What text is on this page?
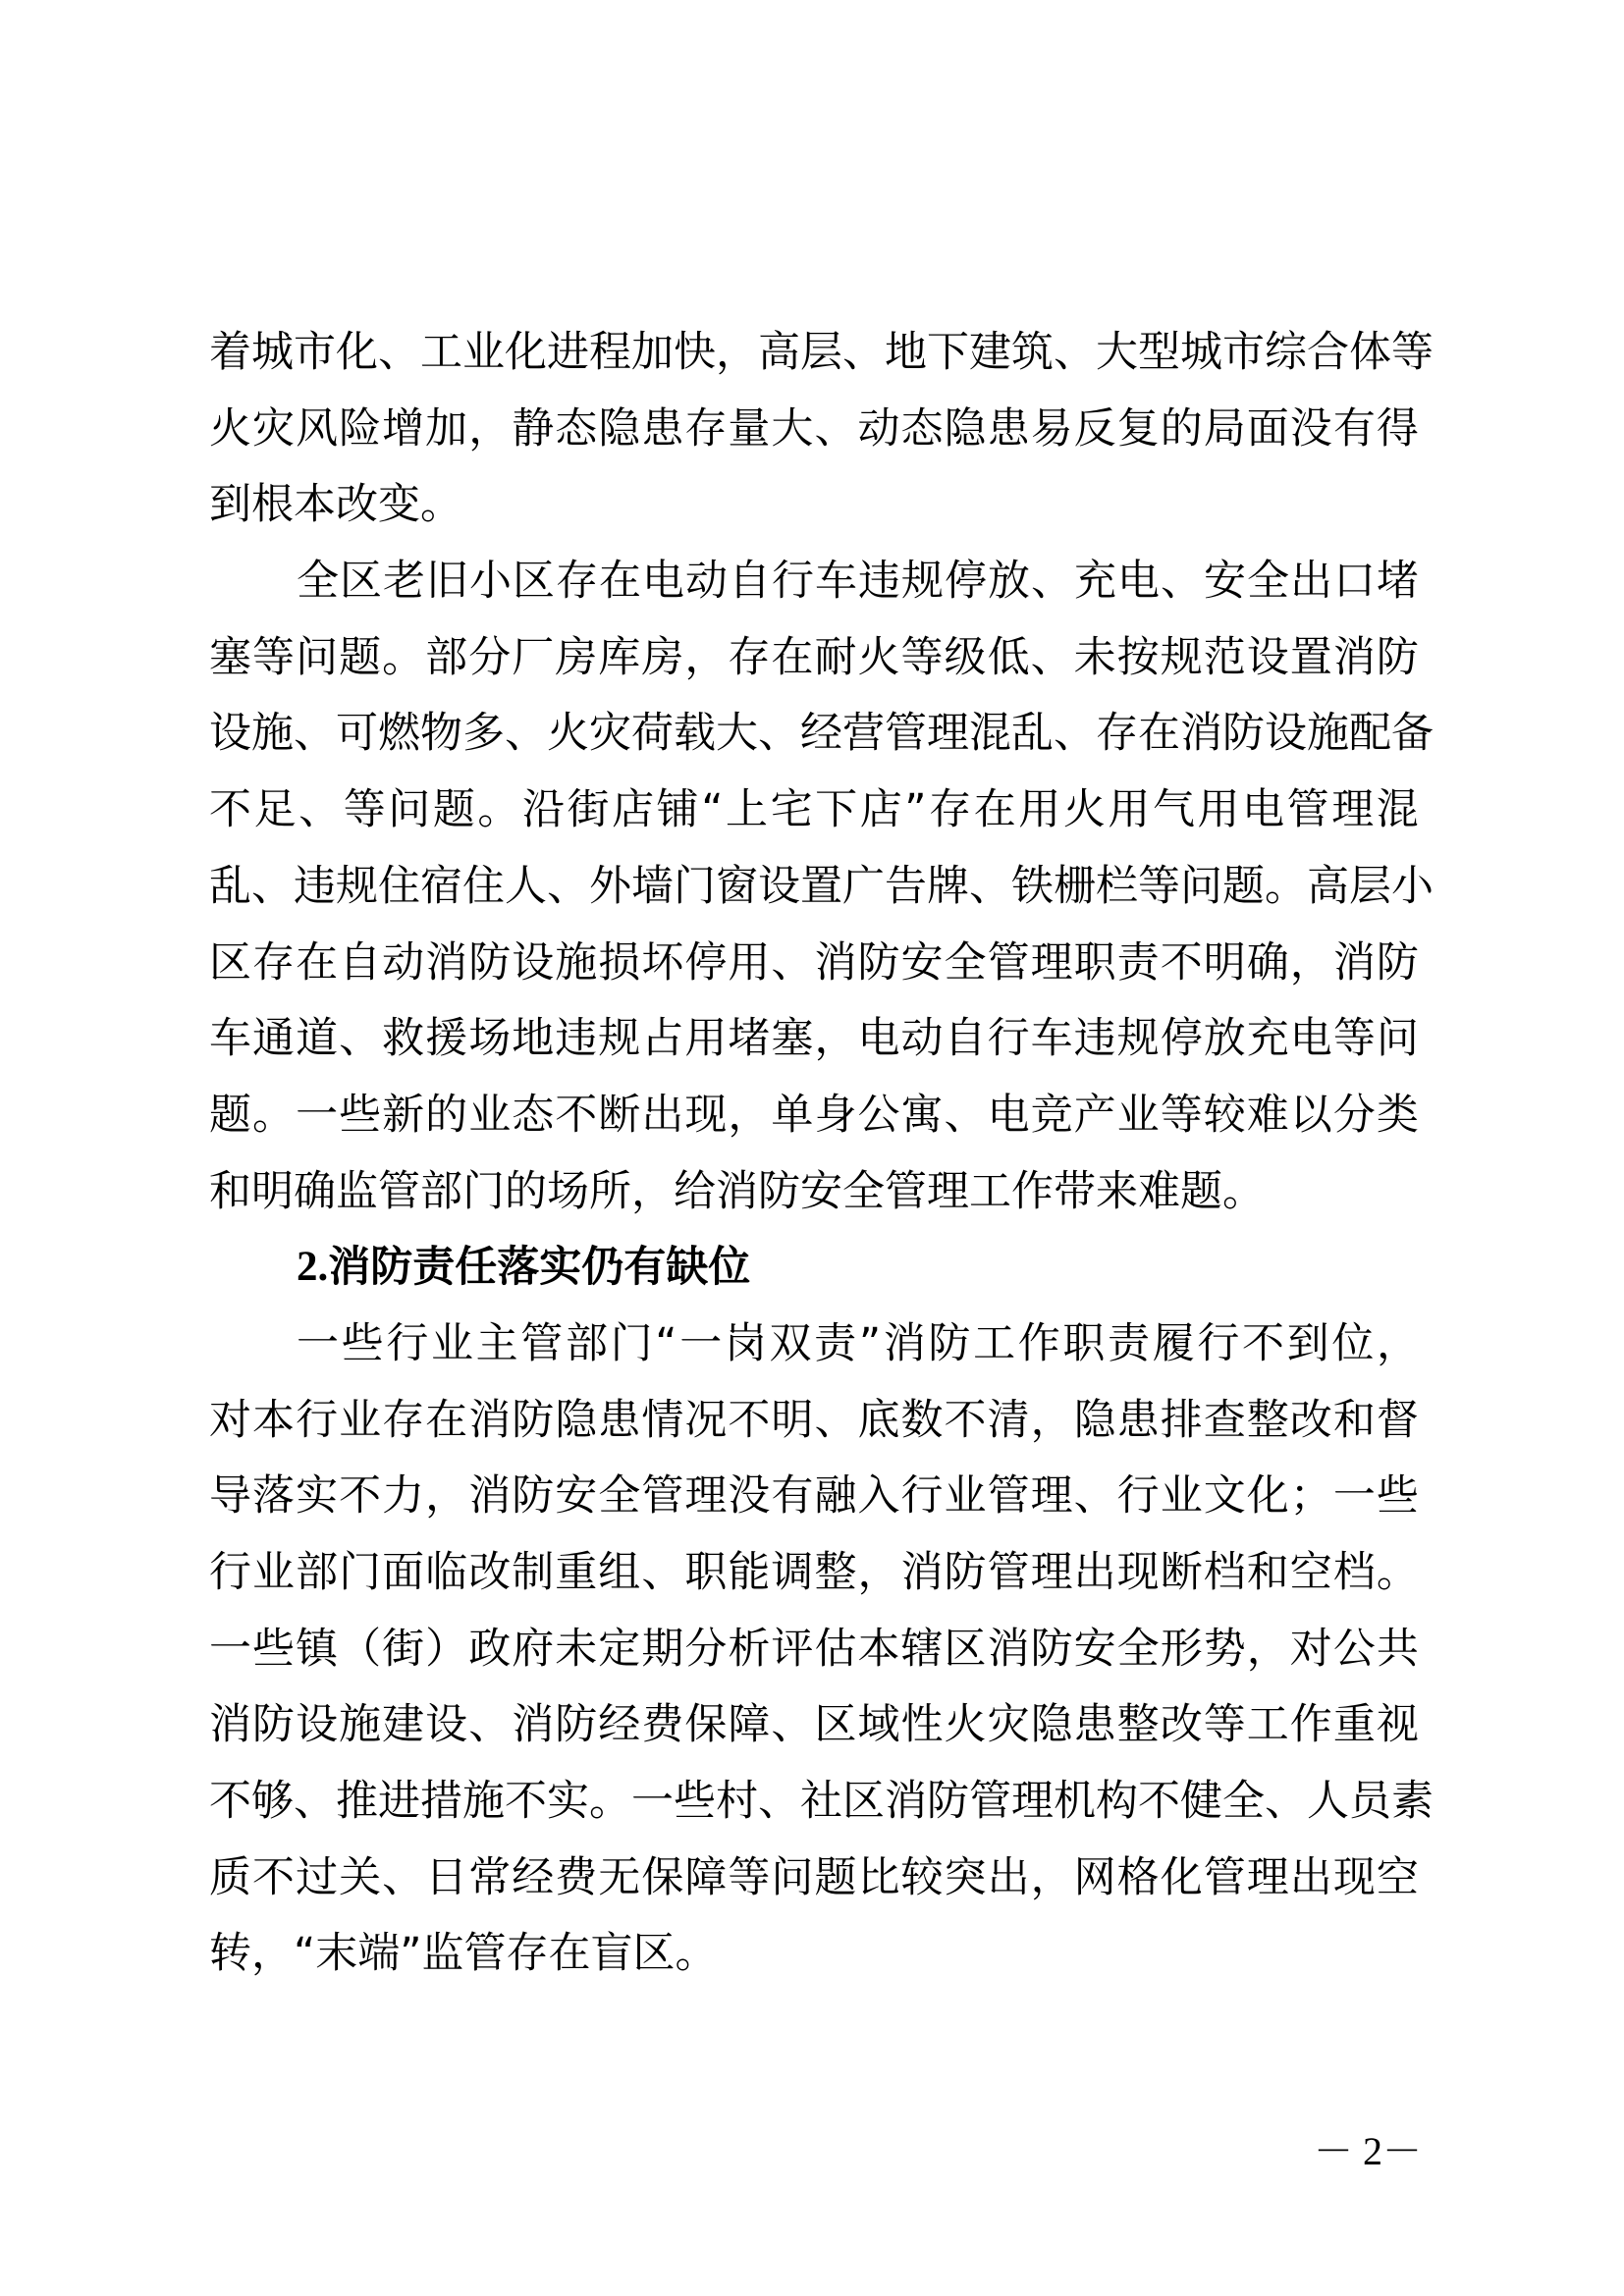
着 城 市 化 、 工 业 化 进 程 加 快 ， 高 层 、 地 下 建 筑 、 大 型 城 市 综 合 体 等
火 灾 风 险 增 加 ， 静 态 隐 患 存 量 大 、 动 态 隐 患 易 反 复 的 局 面 没 有 得
到根本改变。
全 区 老 旧 小 区 存 在 电 动 自 行 车 违 规 停 放 、 充 电 、 安 全 出 口 堵
塞 等 问 题 。 部 分 厂 房 库 房 ， 存 在 耐 火 等 级 低 、 未 按 规 范 设 置 消 防
设 施 、 可 燃 物 多 、 火 灾 荷 载 大 、 经 营 管 理 混 乱 、 存 在 消 防 设 施 配 备
不 足 、 等 问 题 。 沿 街 店 铺 “ 上 宅 下 店 ” 存 在 用 火 用 气 用 电 管 理 混
乱 、 违 规 住 宿 住 人 、 外 墙 门 窗 设 置 广 告 牌 、 铁 栅 栏 等 问 题 。 高 层 小
区 存 在 自 动 消 防 设 施 损 坏 停 用 、 消 防 安 全 管 理 职 责 不 明 确 ， 消 防
车 通 道 、 救 援 场 地 违 规 占 用 堵 塞 ， 电 动 自 行 车 违 规 停 放 充 电 等 问
题 。 一 些 新 的 业 态 不 断 出 现 ， 单 身 公 寓 、 电 竞 产 业 等 较 难 以 分 类
和明确监管部门的场所，给消防安全管理工作带来难题。
2. 消防责任落实仍有缺位
一 些 行 业 主 管 部 门 “ 一 岗 双 责 ” 消 防 工 作 职 责 履 行 不 到 位 ，
对 本 行 业 存 在 消 防 隐 患 情 况 不 明 、 底 数 不 清 ， 隐 患 排 查 整 改 和 督
导 落 实 不 力 ， 消 防 安 全 管 理 没 有 融 入 行 业 管 理 、 行 业 文 化 ； 一 些
行 业 部 门 面 临 改 制 重 组 、 职 能 调 整 ， 消 防 管 理 出 现 断 档 和 空 档 。
一 些 镇 （ 街 ） 政 府 未 定 期 分 析 评 估 本 辖 区 消 防 安 全 形 势 ， 对 公 共
消 防 设 施 建 设 、 消 防 经 费 保 障 、 区 域 性 火 灾 隐 患 整 改 等 工 作 重 视
不 够 、 推 进 措 施 不 实 。 一 些 村 、 社 区 消 防 管 理 机 构 不 健 全 、 人 员 素
质 不 过 关 、 日 常 经 费 无 保 障 等 问 题 比 较 突 出 ， 网 格 化 管 理 出 现 空
转，“末端”监管存在盲区。
－ 2－
